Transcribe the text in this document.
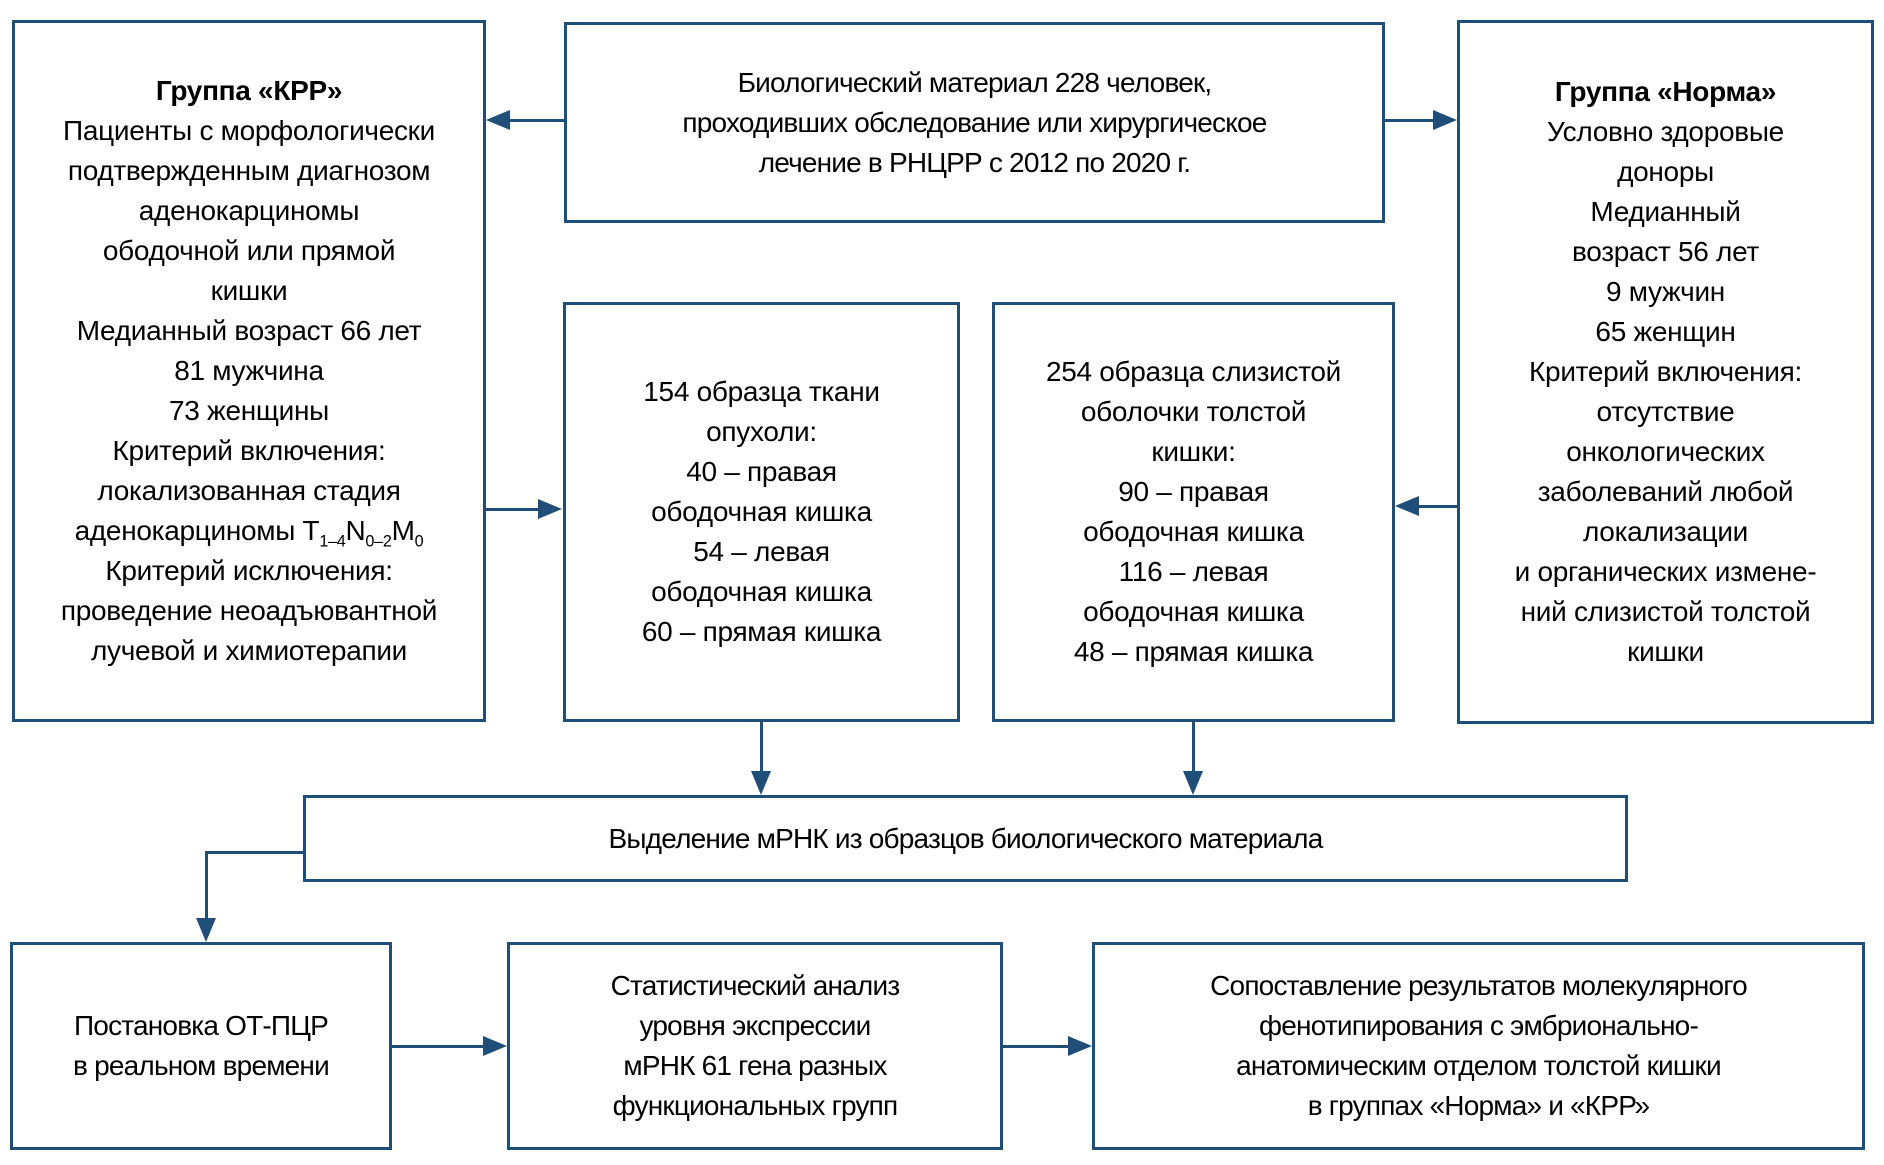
Группа «КРР»
Пациенты с морфологически
подтвержденным диагнозом
аденокарциномы
ободочной или прямой
кишки
Медианный возраст 66 лет
81 мужчина
73 женщины
Критерий включения:
локализованная стадия
аденокарциномы $T_{1-4}N_{0-2}M_0$
Критерий исключения:
проведение неоадъювантной
лучевой и химиотерапии
Биологический материал 228 человек,
проходивших обследование или хирургическое
лечение в РНЦРР с 2012 по 2020 г.
Группа «Норма»
Условно здоровые
доноры
Медианный
возраст 56 лет
9 мужчин
65 женщин
Критерий включения:
отсутствие
онкологических
заболеваний любой
локализации
и органических измене-
ний слизистой толстой
кишки
154 образца ткани
опухоли:
40 – правая
ободочная кишка
54 – левая
ободочная кишка
60 – прямая кишка
254 образца слизистой
оболочки толстой
кишки:
90 – правая
ободочная кишка
116 – левая
ободочная кишка
48 – прямая кишка
Выделение мРНК из образцов биологического материала
Постановка ОТ-ПЦР
в реальном времени
Статистический анализ
уровня экспрессии
мРНК 61 гена разных
функциональных групп
Сопоставление результатов молекулярного
фенотипирования с эмбрионально-
анатомическим отделом толстой кишки
в группах «Норма» и «КРР»
